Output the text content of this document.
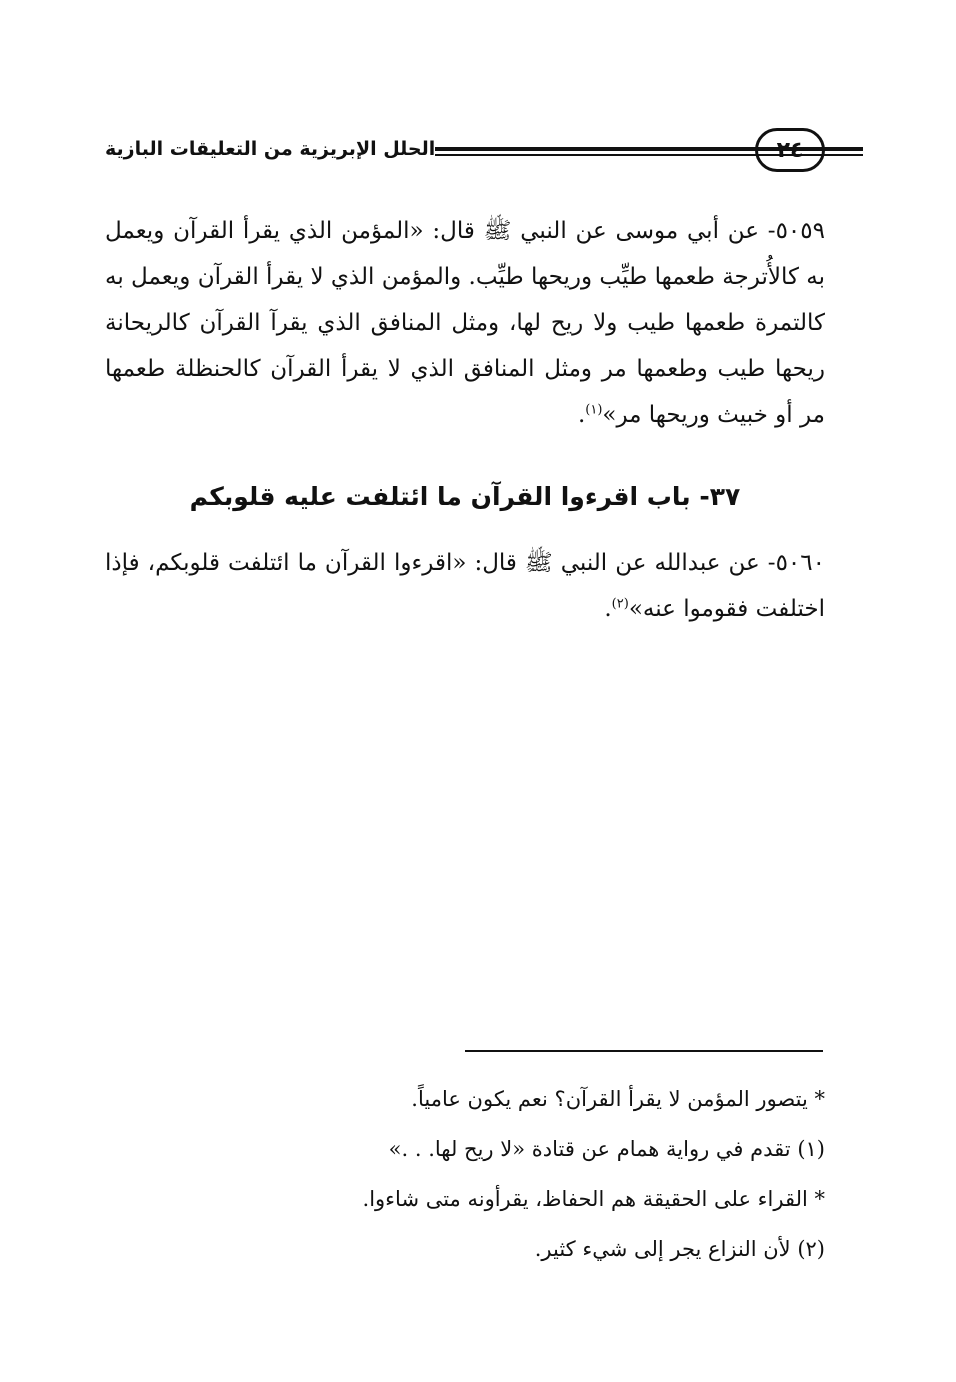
الحلل الإبريزية من التعليقات البازية	٢٤

٥٠٥٩- عن أبي موسى عن النبي ﷺ قال: «المؤمن الذي يقرأ القرآن ويعمل به كالأُترجة طعمها طيِّب وريحها طيِّب. والمؤمن الذي لا يقرأ القرآن ويعمل به كالتمرة طعمها طيب ولا ريح لها، ومثل المنافق الذي يقرآ القرآن كالريحانة ريحها طيب وطعمها مر ومثل المنافق الذي لا يقرأ القرآن كالحنظلة طعمها مر أو خبيث وريحها مر»$^{(١)}$.

٣٧- باب اقرءوا القرآن ما ائتلفت عليه قلوبكم

٥٠٦٠- عن عبدالله عن النبي ﷺ قال: «اقرءوا القرآن ما ائتلفت قلوبكم، فإذا اختلفت فقوموا عنه»$^{(٢)}$.

* يتصور المؤمن لا يقرأ القرآن؟ نعم يكون عامياً.
(١) تقدم في رواية همام عن قتادة «لا ريح لها. . .»
* القراء على الحقيقة هم الحفاظ، يقرأونه متى شاءوا.
(٢) لأن النزاع يجر إلى شيء كثير.
